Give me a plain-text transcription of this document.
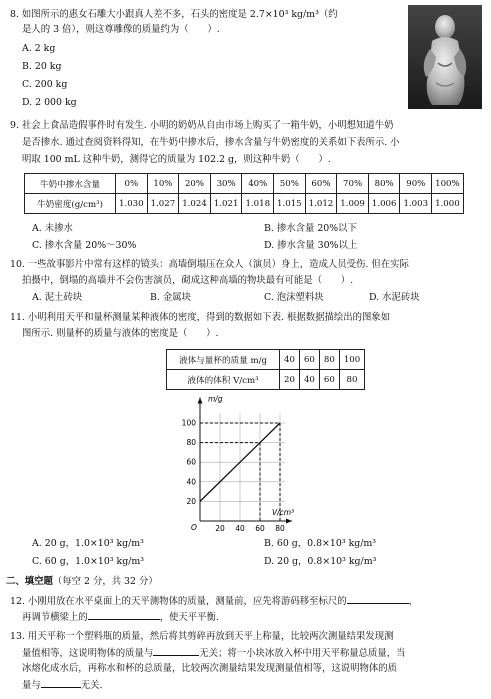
8. 如图所示的惠女石雕大小跟真人差不多，石头的密度是 2.7×10³ kg/m³（约
是人的 3 倍），则这尊雕像的质量约为（　　）.
A. 2 kg
B. 20 kg
C. 200 kg
D. 2 000 kg
9. 社会上食品造假事件时有发生. 小明的奶奶从自由市场上购买了一箱牛奶，小明想知道牛奶
是否掺水. 通过查阅资料得知，在牛奶中掺水后，掺水含量与牛奶密度的关系如下表所示. 小
明取 100 mL 这种牛奶，测得它的质量为 102.2 g，则这种牛奶（　　）.
牛奶中掺水含量	0%	10%	20%	30%	40%	50%	60%	70%	80%	90%	100%
牛奶密度(g/cm³)	1.030	1.027	1.024	1.021	1.018	1.015	1.012	1.009	1.006	1.003	1.000
A. 未掺水	B. 掺水含量 20%以下
C. 掺水含量 20%～30%	D. 掺水含量 30%以上
10. 一些故事影片中常有这样的镜头：高墙倒塌压在众人（演员）身上，造成人员受伤. 但在实际
拍摄中，倒塌的高墙并不会伤害演员，砌成这种高墙的物块最有可能是（　　）.
A. 泥土砖块	B. 金属块	C. 泡沫塑料块	D. 水泥砖块
11. 小明利用天平和量杯测量某种液体的密度，得到的数据如下表. 根据数据描绘出的图象如
图所示. 则量杯的质量与液体的密度是（　　）.
液体与量杯的质量 m/g	40	60	80	100
液体的体积 V/cm³	20	40	60	80
m/g
V/cm³
O 20 40 60 80
20
40
60
80
100
A. 20 g，1.0×10³ kg/m³	B. 60 g，0.8×10³ kg/m³
C. 60 g，1.0×10³ kg/m³	D. 20 g，0.8×10³ kg/m³
二、填空题（每空 2 分，共 32 分）
12. 小刚用放在水平桌面上的天平测物体的质量，测量前，应先将游码移至标尺的	，
再调节横梁上的	，使天平平衡.
13. 用天平称一个塑料瓶的质量，然后将其剪碎再放到天平上称量，比较两次测量结果发现测
量值相等，这说明物体的质量与	无关；将一小块冰放入杯中用天平称量总质量，当
冰熔化成水后，再称水和杯的总质量，比较两次测量结果发现测量值相等，这说明物体的质
量与	无关.
